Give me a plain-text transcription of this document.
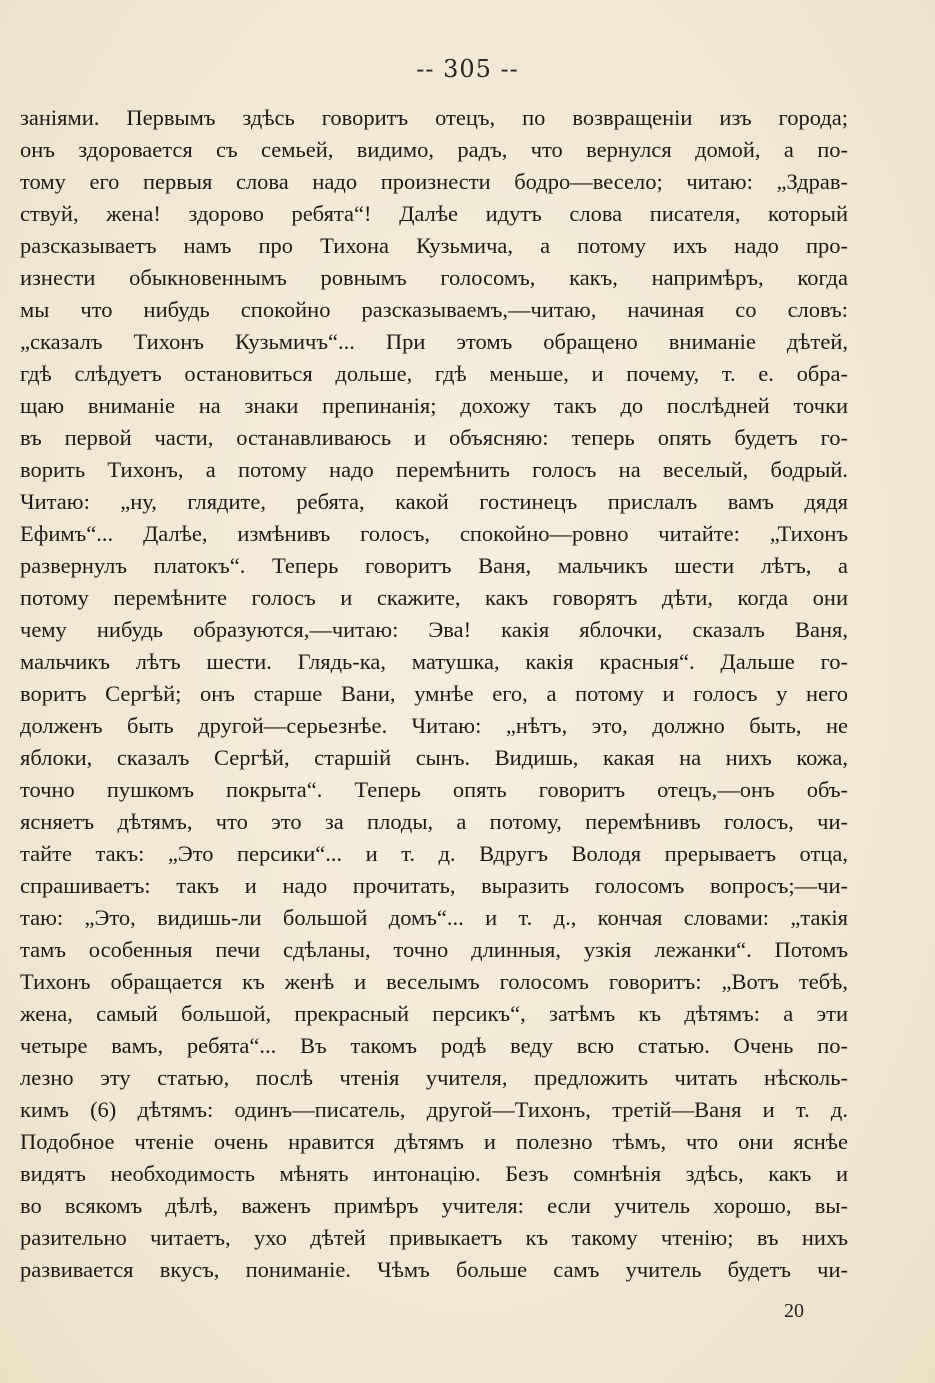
-- 305 --
заніями. Первымъ здѣсь говоритъ отецъ, по возвращеніи изъ города;
онъ здоровается съ семьей, видимо, радъ, что вернулся домой, а по-
тому его первыя слова надо произнести бодро—весело; читаю: „Здрав-
ствуй, жена! здорово ребята“! Далѣе идутъ слова писателя, который
разсказываетъ намъ про Тихона Кузьмича, а потому ихъ надо про-
изнести обыкновеннымъ ровнымъ голосомъ, какъ, напримѣръ, когда
мы что нибудь спокойно разсказываемъ,—читаю, начиная со словъ:
„сказалъ Тихонъ Кузьмичъ“... При этомъ обращено вниманіе дѣтей,
гдѣ слѣдуетъ остановиться дольше, гдѣ меньше, и почему, т. е. обра-
щаю вниманіе на знаки препинанія; дохожу такъ до послѣдней точки
въ первой части, останавливаюсь и объясняю: теперь опять будетъ го-
ворить Тихонъ, а потому надо перемѣнить голосъ на веселый, бодрый.
Читаю: „ну, глядите, ребята, какой гостинецъ прислалъ вамъ дядя
Ефимъ“... Далѣе, измѣнивъ голосъ, спокойно—ровно читайте: „Тихонъ
развернулъ платокъ“. Теперь говоритъ Ваня, мальчикъ шести лѣтъ, а
потому перемѣните голосъ и скажите, какъ говорятъ дѣти, когда они
чему нибудь образуются,—читаю: Эва! какія яблочки, сказалъ Ваня,
мальчикъ лѣтъ шести. Глядь-ка, матушка, какія красныя“. Дальше го-
воритъ Сергѣй; онъ старше Вани, умнѣе его, а потому и голосъ у него
долженъ быть другой—серьезнѣе. Читаю: „нѣтъ, это, должно быть, не
яблоки, сказалъ Сергѣй, старшій сынъ. Видишь, какая на нихъ кожа,
точно пушкомъ покрыта“. Теперь опять говоритъ отецъ,—онъ объ-
ясняетъ дѣтямъ, что это за плоды, а потому, перемѣнивъ голосъ, чи-
тайте такъ: „Это персики“... и т. д. Вдругъ Володя прерываетъ отца,
спрашиваетъ: такъ и надо прочитать, выразить голосомъ вопросъ;—чи-
таю: „Это, видишь-ли большой домъ“... и т. д., кончая словами: „такія
тамъ особенныя печи сдѣланы, точно длинныя, узкія лежанки“. Потомъ
Тихонъ обращается къ женѣ и веселымъ голосомъ говоритъ: „Вотъ тебѣ,
жена, самый большой, прекрасный персикъ“, затѣмъ къ дѣтямъ: а эти
четыре вамъ, ребята“... Въ такомъ родѣ веду всю статью. Очень по-
лезно эту статью, послѣ чтенія учителя, предложить читать нѣсколь-
кимъ (6) дѣтямъ: одинъ—писатель, другой—Тихонъ, третій—Ваня и т. д.
Подобное чтеніе очень нравится дѣтямъ и полезно тѣмъ, что они яснѣе
видятъ необходимость мѣнять интонацію. Безъ сомнѣнія здѣсь, какъ и
во всякомъ дѣлѣ, важенъ примѣръ учителя: если учитель хорошо, вы-
разительно читаетъ, ухо дѣтей привыкаетъ къ такому чтенію; въ нихъ
развивается вкусъ, пониманіе. Чѣмъ больше самъ учитель будетъ чи-
20
